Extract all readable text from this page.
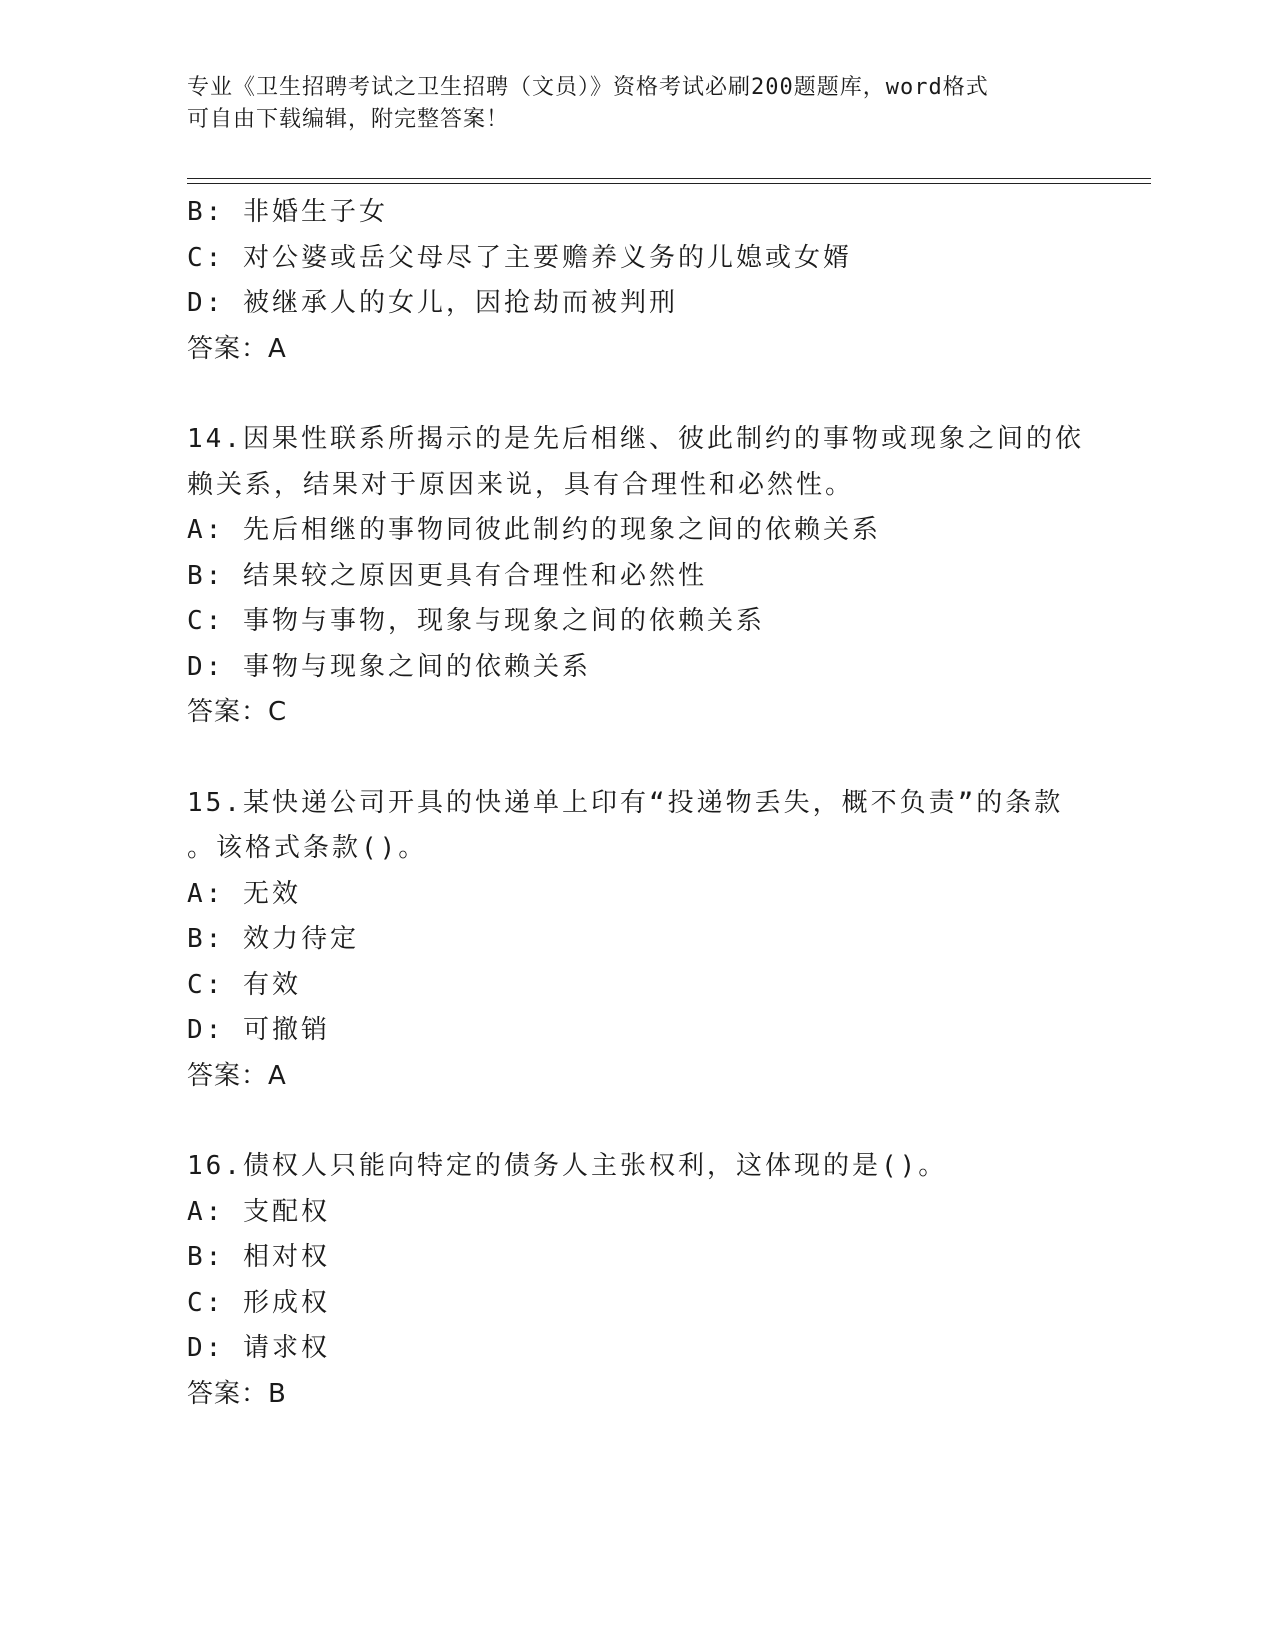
专业《卫生招聘考试之卫生招聘（文员）》资格考试必刷200题题库，word格式
可自由下载编辑，附完整答案！
B: 非婚生子女
C: 对公婆或岳父母尽了主要赡养义务的儿媳或女婿
D: 被继承人的女儿，因抢劫而被判刑
答案：A
14.因果性联系所揭示的是先后相继、彼此制约的事物或现象之间的依
赖关系，结果对于原因来说，具有合理性和必然性。
A: 先后相继的事物同彼此制约的现象之间的依赖关系
B: 结果较之原因更具有合理性和必然性
C: 事物与事物，现象与现象之间的依赖关系
D: 事物与现象之间的依赖关系
答案：C
15.某快递公司开具的快递单上印有“投递物丢失，概不负责”的条款
。该格式条款()。
A: 无效
B: 效力待定
C: 有效
D: 可撤销
答案：A
16.债权人只能向特定的债务人主张权利，这体现的是()。
A: 支配权
B: 相对权
C: 形成权
D: 请求权
答案：B
